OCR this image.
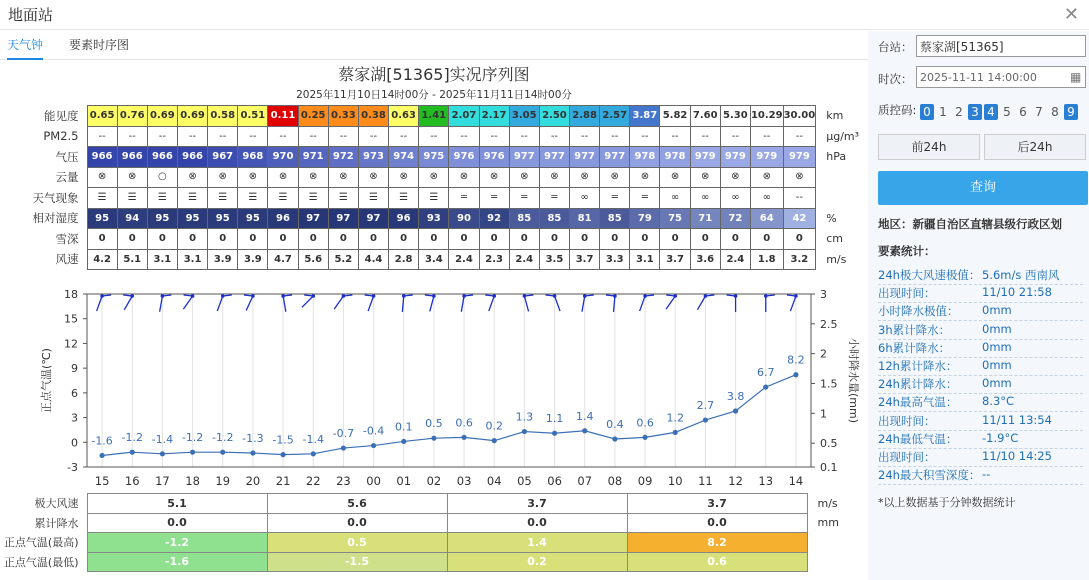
地面站	✕
天气钟 要素时序图
蔡家湖[51365]实况序列图
2025年11月10日14时00分 - 2025年11月11日14时00分
能见度	0.65	0.76	0.69	0.69	0.58	0.51	0.11	0.25	0.33	0.38	0.63	1.41	2.07	2.17	3.05	2.50	2.88	2.57	3.87	5.82	7.60	5.30	10.29	30.00	km
PM2.5	--	--	--	--	--	--	--	--	--	--	--	--	--	--	--	--	--	--	--	--	--	--	--	--	μg/m³
气压	966	966	966	966	967	968	970	971	972	973	974	975	976	976	977	977	977	977	978	978	979	979	979	979	hPa
云量	⊗	⊗	○	⊗	⊗	⊗	⊗	⊗	⊗	⊗	⊗	⊗	⊗	⊗	⊗	⊗	⊗	⊗	⊗	⊗	⊗	⊗	⊗	⊗	
天气现象	☰	☰	☰	☰	☰	☰	☰	☰	☰	☰	☰	☰	═	═	═	═	∞	═	═	∞	∞	∞	∞	--	
相对湿度	95	94	95	95	95	95	96	97	97	97	96	93	90	92	85	85	81	85	79	75	71	72	64	42	%
雪深	0	0	0	0	0	0	0	0	0	0	0	0	0	0	0	0	0	0	0	0	0	0	0	0	cm
风速	4.2	5.1	3.1	3.1	3.9	3.9	4.7	5.6	5.2	4.4	2.8	3.4	2.4	2.3	2.4	3.5	3.7	3.3	3.1	3.7	3.6	2.4	1.8	3.2	m/s
18
15
12
9
6
3
0
-3
3
2.5
2
1.5
1
0.5
0.1
15 16 17 18 19 20 21 22 23 00 01 02 03 04 05 06 07 08 09 10 11 12 13 14
正点气温(℃)	小时降水量(mm)
-1.6 -1.2 -1.4 -1.2 -1.2 -1.3 -1.5 -1.4 -0.7 -0.4 0.1 0.5 0.6 0.2
1.3 1.1 1.4
0.4 0.6 1.2
2.7
3.8
6.7
8.2
极大风速	5.1	5.6	3.7	3.7	m/s
累计降水	0.0	0.0	0.0	0.0	mm
正点气温(最高)	-1.2	0.5	1.4	8.2	
正点气温(最低)	-1.6	-1.5	0.2	0.6	
台站：
蔡家湖[51365]
时次：
2025-11-11 14:00:00	▦
质控码: 0 1 2 3 4 5 6 7 8 9
前24h	后24h
查询
地区：新疆自治区直辖县级行政区划
要素统计：
24h极大风速极值： 5.6m/s 西南风
出现时间：	11/10 21:58
小时降水极值： 0mm
3h累计降水：	0mm
6h累计降水：	0mm
12h累计降水： 0mm
24h累计降水： 0mm
24h最高气温： 8.3°C
出现时间：	11/11 13:54
24h最低气温： -1.9°C
出现时间：	11/10 14:25
24h最大积雪深度： --
*以上数据基于分钟数据统计
